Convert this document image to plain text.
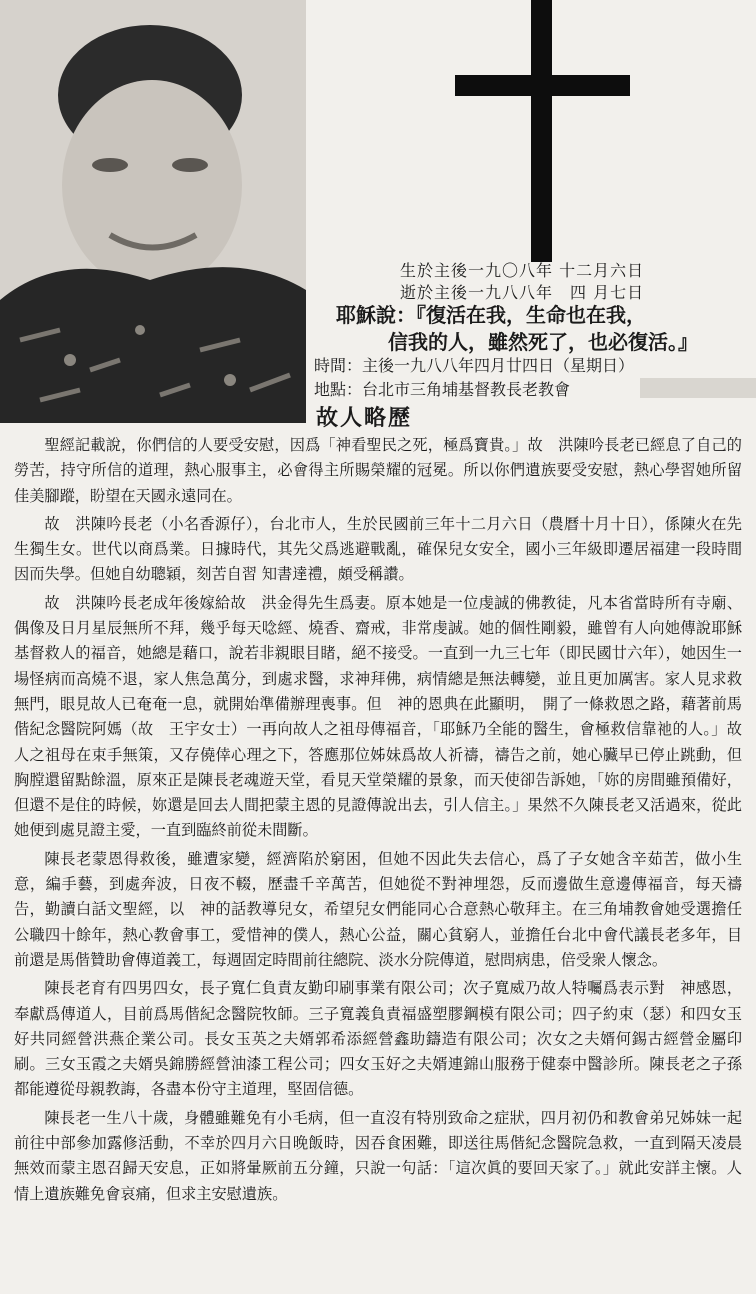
生於主後一九〇八年 十二月六日
逝於主後一九八八年　四 月七日
耶穌說：『復活在我，生命也在我，
信我的人，雖然死了，也必復活。』
時間：主後一九八八年四月廿四日（星期日）
地點：台北市三角埔基督教長老教會
故人略歷

聖經記載說，你們信的人要受安慰，因爲「神看聖民之死，極爲寶貴。」故　洪陳吟長老已經息了自己的勞苦，持守所信的道理，熱心服事主，必會得主所賜榮耀的冠冕。所以你們遺族要受安慰，熱心學習她所留佳美腳蹤，盼望在天國永遠同在。

故　洪陳吟長老（小名香源仔），台北市人，生於民國前三年十二月六日（農曆十月十日），係陳火在先生獨生女。世代以商爲業。日據時代，其先父爲逃避戰亂，確保兒女安全，國小三年級即遷居福建一段時間因而失學。但她自幼聰穎，刻苦自習 知書達禮，頗受稱讚。

故　洪陳吟長老成年後嫁給故　洪金得先生爲妻。原本她是一位虔誠的佛教徒，凡本省當時所有寺廟、偶像及日月星辰無所不拜，幾乎每天唸經、燒香、齋戒，非常虔誠。她的個性剛毅，雖曾有人向她傳說耶穌基督救人的福音，她總是藉口，說若非親眼目睹，絕不接受。一直到一九三七年（即民國廿六年），她因生一場怪病而高燒不退，家人焦急萬分，到處求醫，求神拜佛，病情總是無法轉變，並且更加厲害。家人見求救無門，眼見故人已奄奄一息，就開始準備辦理喪事。但　神的恩典在此顯明，　開了一條救恩之路，藉著前馬偕紀念醫院阿媽（故　王宇女士）一再向故人之祖母傳福音，「耶穌乃全能的醫生，會極救信靠祂的人。」故人之祖母在束手無策，又存僥倖心理之下，答應那位姊妹爲故人祈禱，禱告之前，她心臟早已停止跳動，但胸膛還留點餘溫，原來正是陳長老魂遊天堂，看見天堂榮耀的景象，而天使卻告訴她，「妳的房間雖預備好，但還不是住的時候，妳還是回去人間把蒙主恩的見證傳說出去，引人信主。」果然不久陳長老又活過來，從此她便到處見證主愛，一直到臨終前從未間斷。

陳長老蒙恩得救後，雖遭家變，經濟陷於窮困，但她不因此失去信心，爲了子女她含辛茹苦，做小生意，編手藝，到處奔波，日夜不輟，歷盡千辛萬苦，但她從不對神埋怨，反而邊做生意邊傳福音，每天禱告，勤讀白話文聖經，以　神的話教導兒女，希望兒女們能同心合意熱心敬拜主。在三角埔教會她受選擔任公職四十餘年，熱心教會事工，愛惜神的僕人，熱心公益，關心貧窮人，並擔任台北中會代議長老多年，目前還是馬偕贊助會傳道義工，每週固定時間前往總院、淡水分院傳道，慰問病患，倍受衆人懷念。

陳長老育有四男四女，長子寬仁負責友勤印刷事業有限公司；次子寬威乃故人特囑爲表示對　神感恩，奉獻爲傳道人，目前爲馬偕紀念醫院牧師。三子寬義負責福盛塑膠鋼模有限公司；四子約束（瑟）和四女玉好共同經營洪燕企業公司。長女玉英之夫婿郭希添經營鑫助鑄造有限公司；次女之夫婿何錫古經營金屬印刷。三女玉霞之夫婿吳錦勝經營油漆工程公司；四女玉好之夫婿連錦山服務于健泰中醫診所。陳長老之子孫都能遵從母親教誨，各盡本份守主道理，堅固信德。

陳長老一生八十歲，身體雖難免有小毛病，但一直沒有特別致命之症狀，四月初仍和教會弟兄姊妹一起前往中部參加露修活動，不幸於四月六日晚飯時，因吞食困難，即送往馬偕紀念醫院急救，一直到隔天凌晨無效而蒙主恩召歸天安息，正如將暈厥前五分鐘，只說一句話：「這次眞的要回天家了。」就此安詳主懷。人情上遺族難免會哀痛，但求主安慰遺族。
